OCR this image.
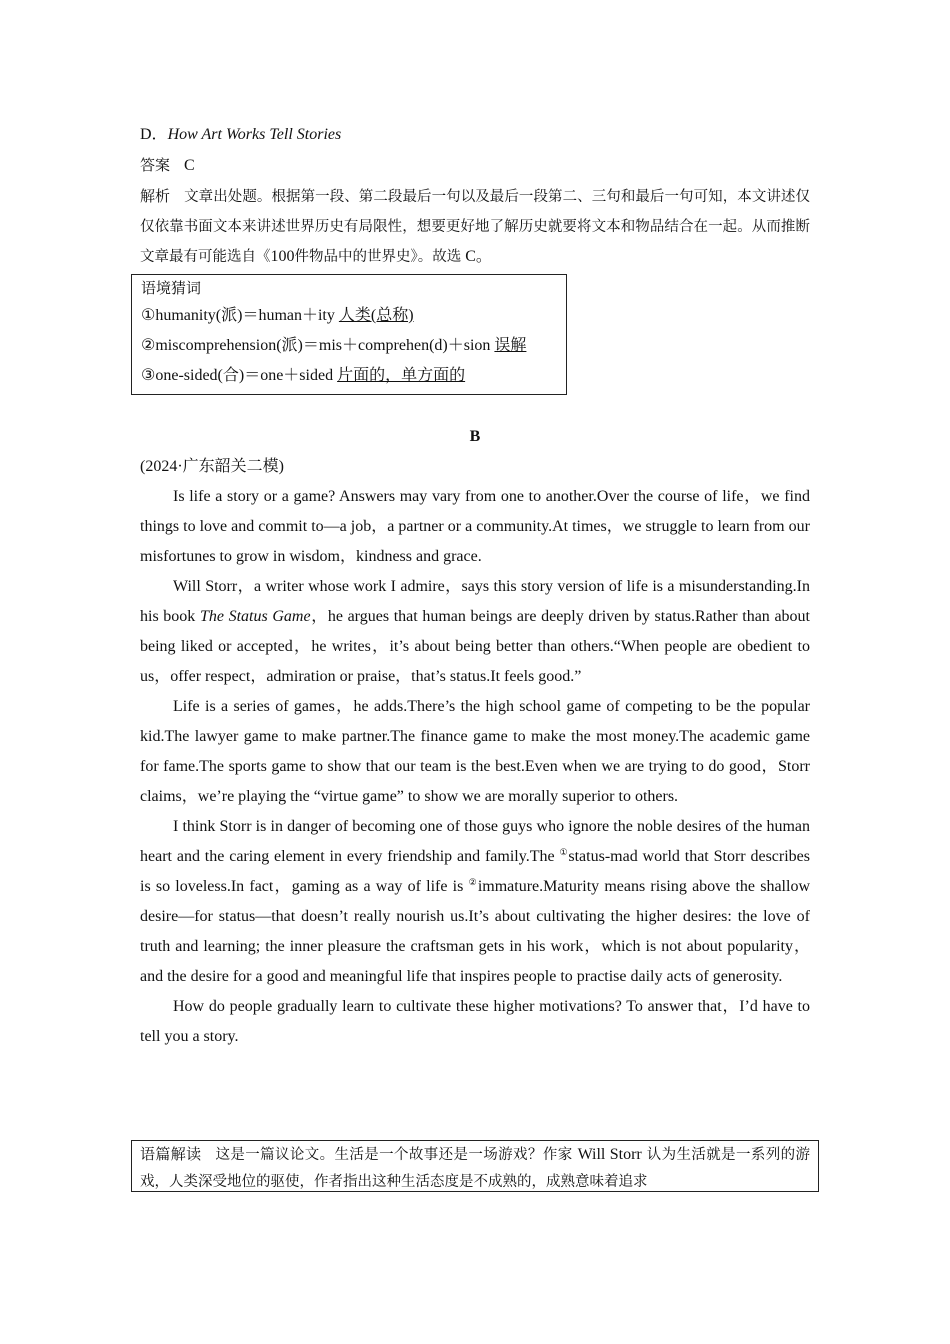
D．How Art Works Tell Stories

答案 C

解析 文章出处题。根据第一段、第二段最后一句以及最后一段第二、三句和最后一句可知，本文讲述仅仅依靠书面文本来讲述世界历史有局限性，想要更好地了解历史就要将文本和物品结合在一起。从而推断文章最有可能选自《100件物品中的世界史》。故选 C。

语境猜词
①humanity(派)＝human＋ity 人类(总称)
②miscomprehension(派)＝mis＋comprehen(d)＋sion 误解
③one-sided(合)＝one＋sided 片面的，单方面的

B

(2024·广东韶关二模)

Is life a story or a game? Answers may vary from one to another.Over the course of life，we find things to love and commit to—a job，a partner or a community.At times，we struggle to learn from our misfortunes to grow in wisdom，kindness and grace.

Will Storr，a writer whose work I admire，says this story version of life is a misunderstanding.In his book The Status Game，he argues that human beings are deeply driven by status.Rather than about being liked or accepted，he writes，it’s about being better than others.“When people are obedient to us，offer respect，admiration or praise，that’s status.It feels good.”

Life is a series of games，he adds.There’s the high school game of competing to be the popular kid.The lawyer game to make partner.The finance game to make the most money.The academic game for fame.The sports game to show that our team is the best.Even when we are trying to do good，Storr claims，we’re playing the “virtue game” to show we are morally superior to others.

I think Storr is in danger of becoming one of those guys who ignore the noble desires of the human heart and the caring element in every friendship and family.The ①status-mad world that Storr describes is so loveless.In fact，gaming as a way of life is ②immature.Maturity means rising above the shallow desire—for status—that doesn’t really nourish us.It’s about cultivating the higher desires: the love of truth and learning; the inner pleasure the craftsman gets in his work，which is not about popularity，and the desire for a good and meaningful life that inspires people to practise daily acts of generosity.

How do people gradually learn to cultivate these higher motivations? To answer that，I’d have to tell you a story.

语篇解读 这是一篇议论文。生活是一个故事还是一场游戏？作家 Will Storr 认为生活就是一系列的游戏，人类深受地位的驱使，作者指出这种生活态度是不成熟的，成熟意味着追求
